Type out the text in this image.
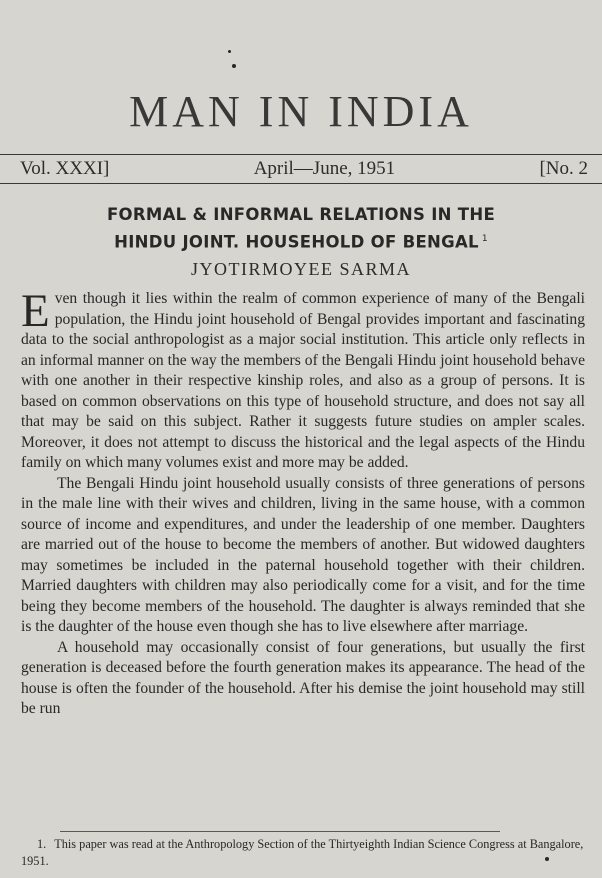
MAN IN INDIA
Vol. XXXI]	April—June, 1951	[No. 2
FORMAL & INFORMAL RELATIONS IN THE
HINDU JOINT. HOUSEHOLD OF BENGAL $^1$
JYOTIRMOYEE SARMA

Even though it lies within the realm of common experience of many of the Bengali population, the Hindu joint household of Bengal provides important and fascinating data to the social anthropologist as a major social institution. This article only reflects in an informal manner on the way the members of the Bengali Hindu joint household behave with one another in their respective kinship roles, and also as a group of persons. It is based on common observations on this type of household structure, and does not say all that may be said on this subject. Rather it suggests future studies on ampler scales. Moreover, it does not attempt to discuss the historical and the legal aspects of the Hindu family on which many volumes exist and more may be added.

The Bengali Hindu joint household usually consists of three generations of persons in the male line with their wives and children, living in the same house, with a common source of income and expenditures, and under the leadership of one member. Daughters are married out of the house to become the members of another. But widowed daughters may sometimes be included in the paternal household together with their children. Married daughters with children may also periodically come for a visit, and for the time being they become members of the household. The daughter is always reminded that she is the daughter of the house even though she has to live elsewhere after marriage.

A household may occasionally consist of four generations, but usually the first generation is deceased before the fourth generation makes its appearance. The head of the house is often the founder of the household. After his demise the joint household may still be run

1. This paper was read at the Anthropology Section of the Thirtyeighth Indian Science Congress at Bangalore, 1951.
